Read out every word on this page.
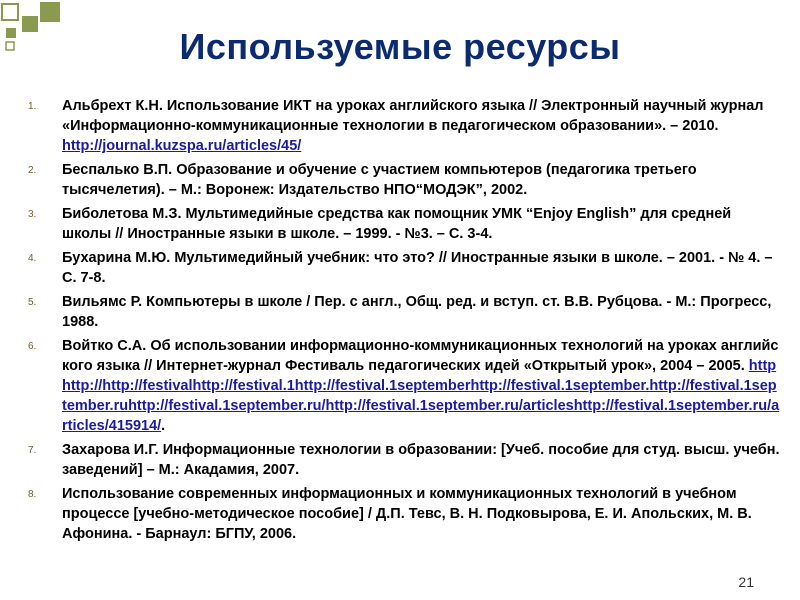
Используемые ресурсы
1. Альбрехт К.Н. Использование ИКТ на уроках английского языка // Электронный научный журнал «Информационно-коммуникационные технологии в педагогическом образовании». – 2010. http://journal.kuzspa.ru/articles/45/
2. Беспалько В.П. Образование и обучение с участием компьютеров (педагогика третьего тысячелетия). – М.: Воронеж: Издательство НПО“МОДЭК”, 2002.
3. Биболетова М.З. Мультимедийные средства как помощник УМК “Enjoy English” для средней школы // Иностранные языки в школе. – 1999. - №3. – С. 3-4.
4. Бухарина М.Ю. Мультимедийный учебник: что это? // Иностранные языки в школе. – 2001. - № 4. – С. 7-8.
5. Вильямс Р. Компьютеры в школе / Пер. с англ., Общ. ред. и вступ. ст. В.В. Рубцова. - М.: Прогресс, 1988.
6. Войтко С.А. Об использовании информационно-коммуникационных технологий на уроках английского языка // Интернет-журнал Фестиваль педагогических идей «Открытый урок», 2004 – 2005. httphttp://http://festivalhttp://festival.1http://festival.1septemberhttp://festival.1september.http://festival.1september.ruhttp://festival.1september.ru/http://festival.1september.ru/articleshttp://festival.1september.ru/articles/415914/.
7. Захарова И.Г. Информационные технологии в образовании: [Учеб. пособие для студ. высш. учебн. заведений] – М.: Акадамия, 2007.
8. Использование современных информационных и коммуникационных технологий в учебном процессе [учебно-методическое пособие] / Д.П. Тевс, В. Н. Подковырова, Е. И. Апольских, М. В. Афонина. - Барнаул: БГПУ, 2006.
21
